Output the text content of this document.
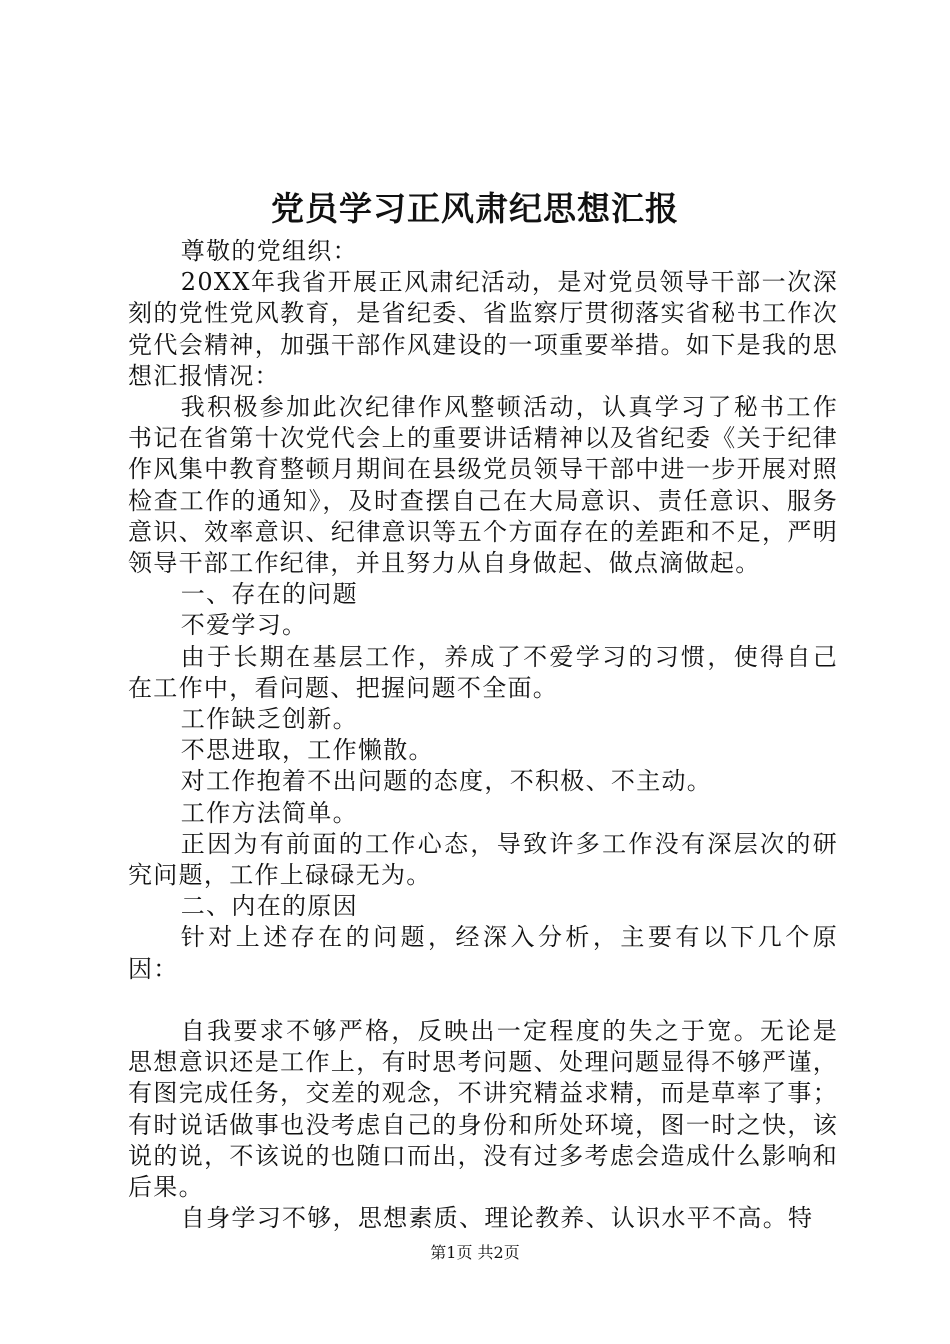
党员学习正风肃纪思想汇报

尊敬的党组织：

20XX年我省开展正风肃纪活动，是对党员领导干部一次深刻的党性党风教育，是省纪委、省监察厅贯彻落实省秘书工作次党代会精神，加强干部作风建设的一项重要举措。如下是我的思想汇报情况：

我积极参加此次纪律作风整顿活动，认真学习了秘书工作书记在省第十次党代会上的重要讲话精神以及省纪委《关于纪律作风集中教育整顿月期间在县级党员领导干部中进一步开展对照检查工作的通知》，及时查摆自己在大局意识、责任意识、服务意识、效率意识、纪律意识等五个方面存在的差距和不足，严明领导干部工作纪律，并且努力从自身做起、做点滴做起。

一、存在的问题

不爱学习。

由于长期在基层工作，养成了不爱学习的习惯，使得自己在工作中，看问题、把握问题不全面。

工作缺乏创新。

不思进取，工作懒散。

对工作抱着不出问题的态度，不积极、不主动。

工作方法简单。

正因为有前面的工作心态，导致许多工作没有深层次的研究问题，工作上碌碌无为。

二、内在的原因

针对上述存在的问题，经深入分析，主要有以下几个原因：

自我要求不够严格，反映出一定程度的失之于宽。无论是思想意识还是工作上，有时思考问题、处理问题显得不够严谨，有图完成任务，交差的观念，不讲究精益求精，而是草率了事；有时说话做事也没考虑自己的身份和所处环境，图一时之快，该说的说，不该说的也随口而出，没有过多考虑会造成什么影响和后果。

自身学习不够，思想素质、理论教养、认识水平不高。特

第1页 共2页
